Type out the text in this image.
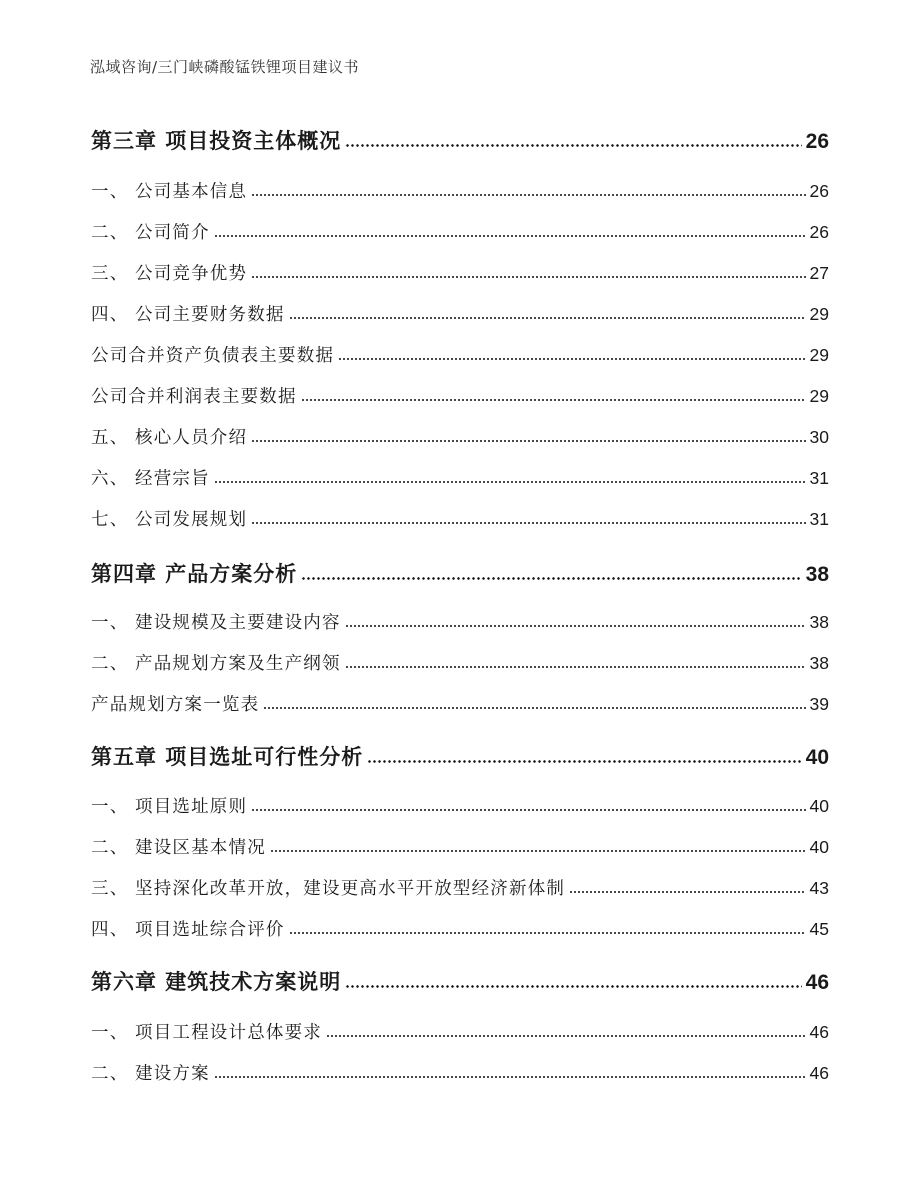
泓域咨询/三门峡磷酸锰铁锂项目建议书
第三章 项目投资主体概况	26
一、 公司基本信息	26
二、 公司简介	26
三、 公司竞争优势	27
四、 公司主要财务数据	29
公司合并资产负债表主要数据	29
公司合并利润表主要数据	29
五、 核心人员介绍	30
六、 经营宗旨	31
七、 公司发展规划	31
第四章 产品方案分析	38
一、 建设规模及主要建设内容	38
二、 产品规划方案及生产纲领	38
产品规划方案一览表	39
第五章 项目选址可行性分析	40
一、 项目选址原则	40
二、 建设区基本情况	40
三、 坚持深化改革开放，建设更高水平开放型经济新体制	43
四、 项目选址综合评价	45
第六章 建筑技术方案说明	46
一、 项目工程设计总体要求	46
二、 建设方案	46
